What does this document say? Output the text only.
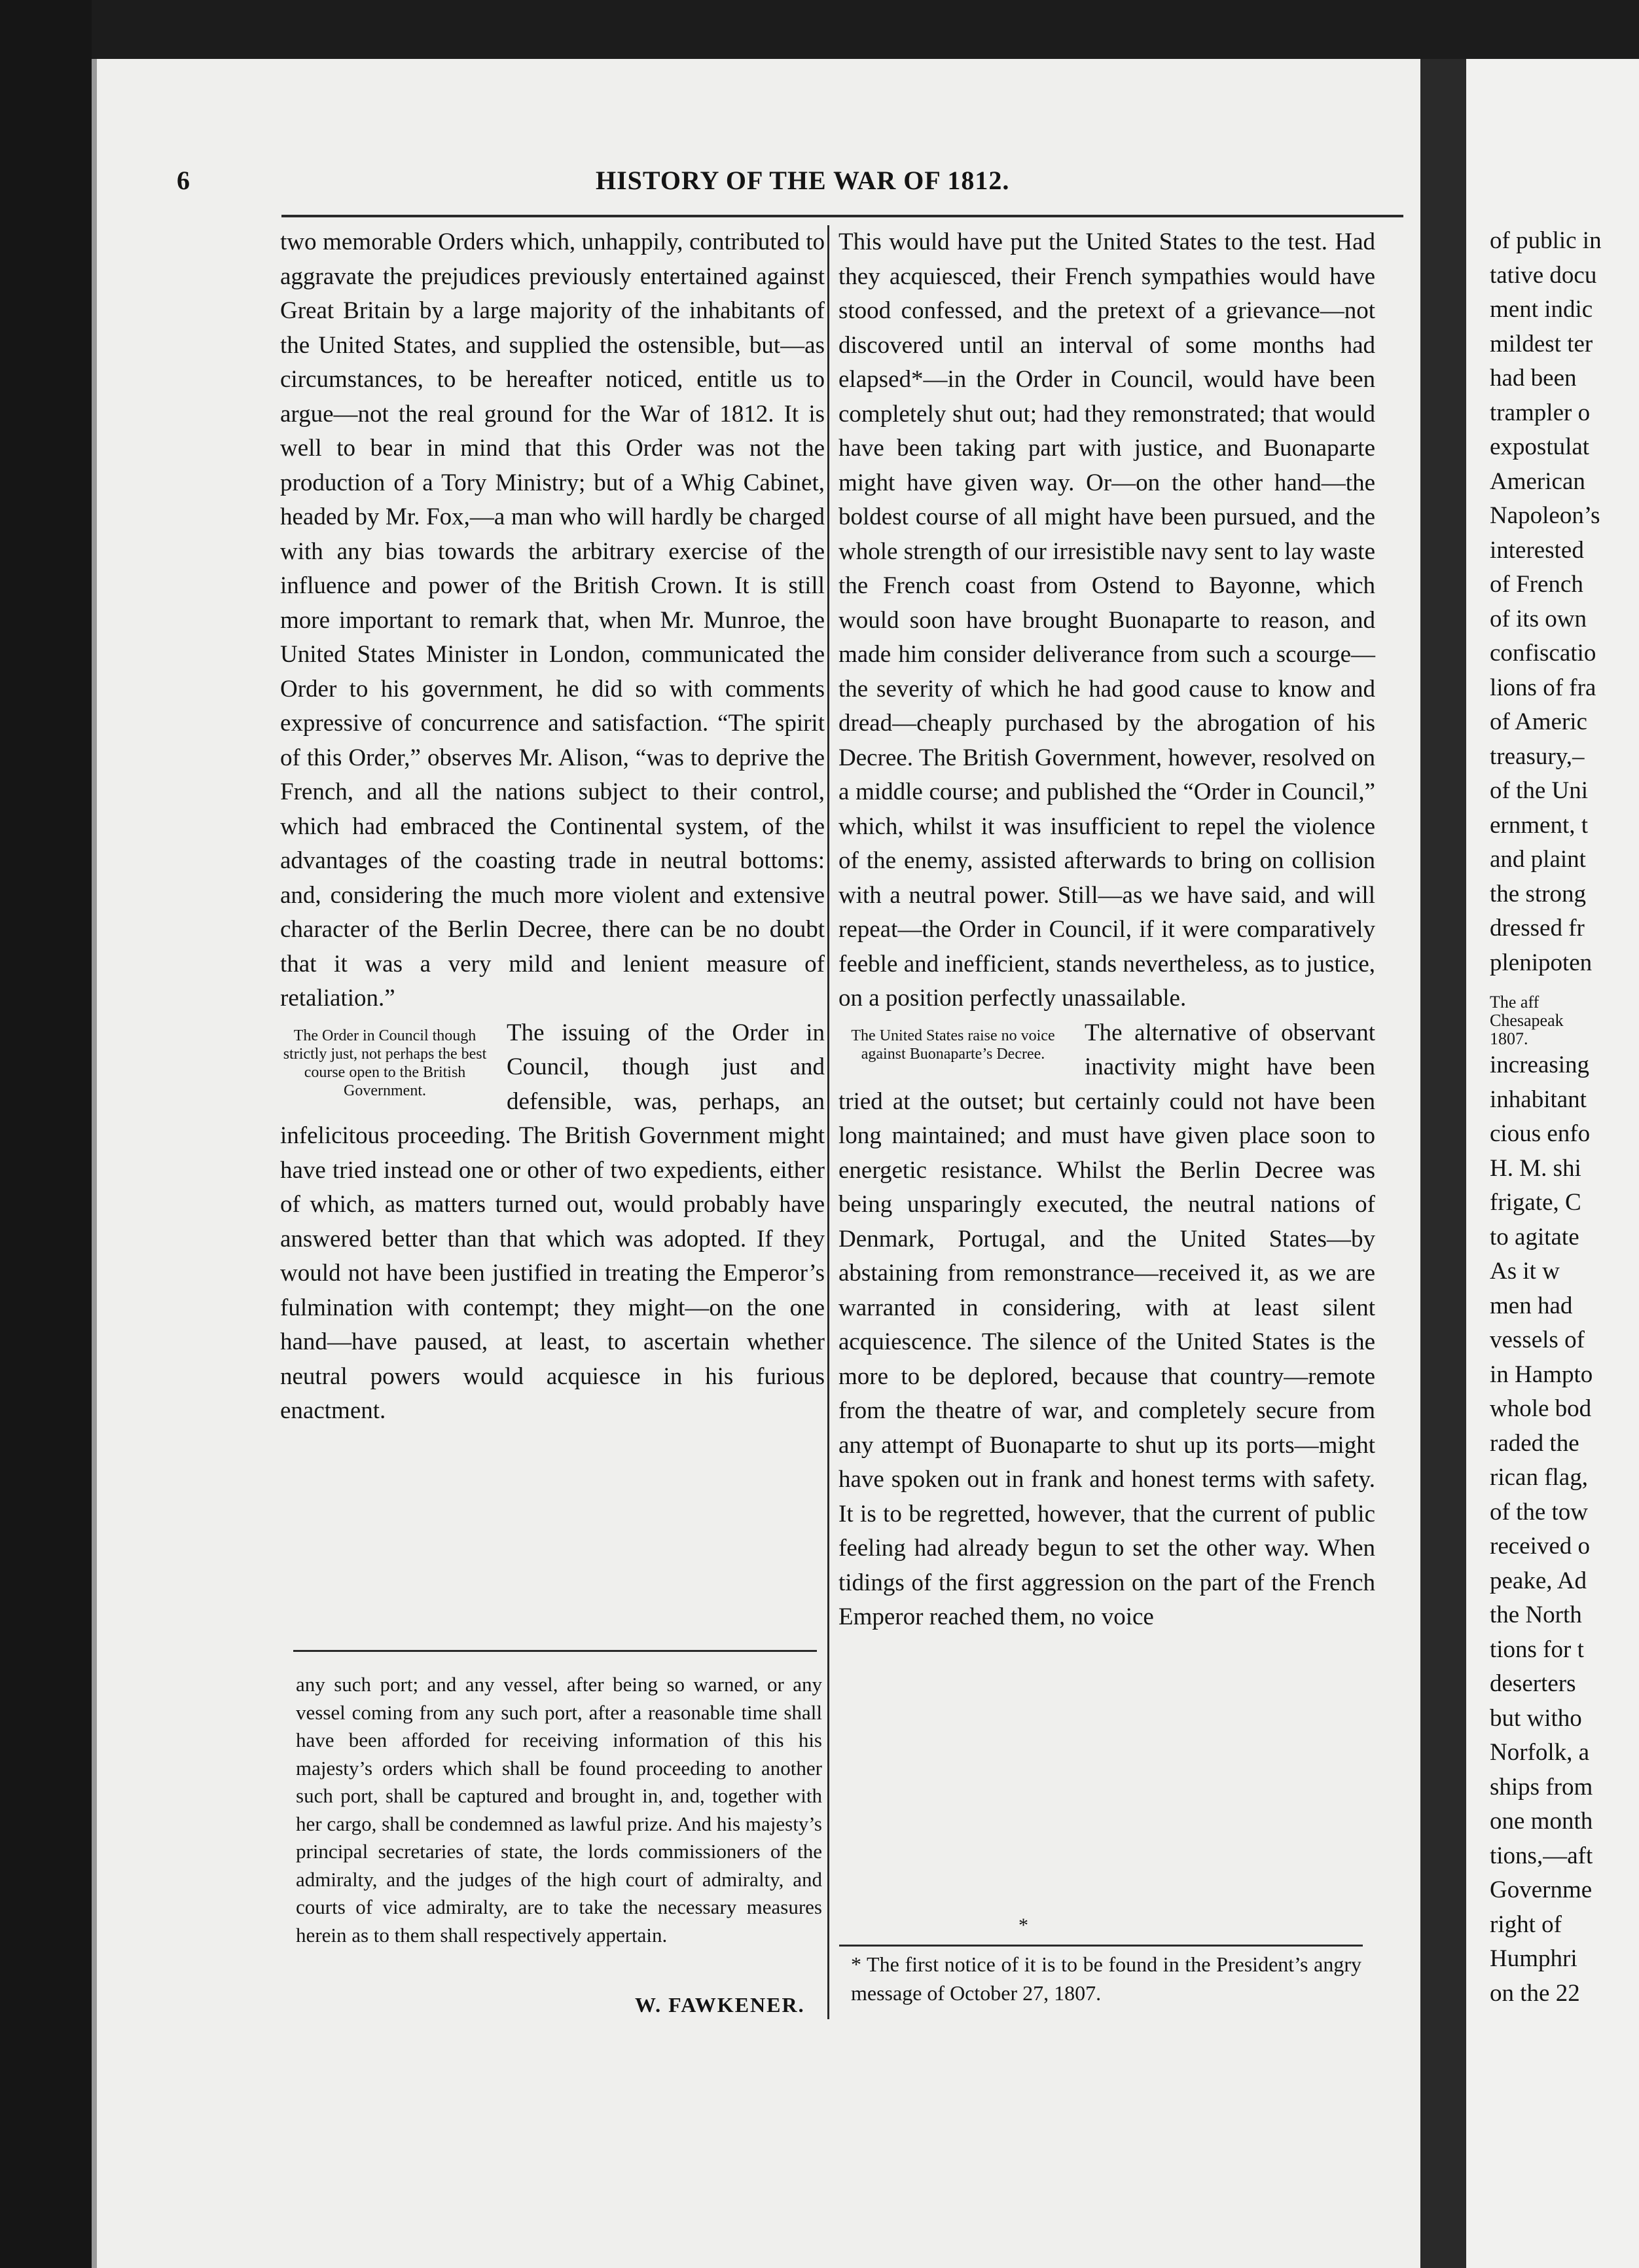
6	HISTORY OF THE WAR OF 1812.

two memorable Orders which, unhappily, contributed to aggravate the prejudices previously entertained against Great Britain by a large majority of the inhabitants of the United States, and supplied the ostensible, but—as circumstances, to be hereafter noticed, entitle us to argue—not the real ground for the War of 1812. It is well to bear in mind that this Order was not the production of a Tory Ministry; but of a Whig Cabinet, headed by Mr. Fox,—a man who will hardly be charged with any bias towards the arbitrary exercise of the influence and power of the British Crown. It is still more important to remark that, when Mr. Munroe, the United States Minister in London, communicated the Order to his government, he did so with comments expressive of concurrence and satisfaction. “The spirit of this Order,” observes Mr. Alison, “was to deprive the French, and all the nations subject to their control, which had embraced the Continental system, of the advantages of the coasting trade in neutral bottoms: and, considering the much more violent and extensive character of the Berlin Decree, there can be no doubt that it was a very mild and lenient measure of retaliation.”

The Order in Council though strictly just, not perhaps the best course open to the British Government.

The issuing of the Order in Council, though just and defensible, was, perhaps, an infelicitous proceeding. The British Government might have tried instead one or other of two expedients, either of which, as matters turned out, would probably have answered better than that which was adopted. If they would not have been justified in treating the Emperor’s fulmination with contempt; they might—on the one hand—have paused, at least, to ascertain whether neutral powers would acquiesce in his furious enactment.

any such port; and any vessel, after being so warned, or any vessel coming from any such port, after a reasonable time shall have been afforded for receiving information of this his majesty’s orders which shall be found proceeding to another such port, shall be captured and brought in, and, together with her cargo, shall be condemned as lawful prize. And his majesty’s principal secretaries of state, the lords commissioners of the admiralty, and the judges of the high court of admiralty, and courts of vice admiralty, are to take the necessary measures herein as to them shall respectively appertain.
W. FAWKENER.

This would have put the United States to the test. Had they acquiesced, their French sympathies would have stood confessed, and the pretext of a grievance—not discovered until an interval of some months had elapsed*—in the Order in Council, would have been completely shut out; had they remonstrated; that would have been taking part with justice, and Buonaparte might have given way. Or—on the other hand—the boldest course of all might have been pursued, and the whole strength of our irresistible navy sent to lay waste the French coast from Ostend to Bayonne, which would soon have brought Buonaparte to reason, and made him consider deliverance from such a scourge—the severity of which he had good cause to know and dread—cheaply purchased by the abrogation of his Decree. The British Government, however, resolved on a middle course; and published the “Order in Council,” which, whilst it was insufficient to repel the violence of the enemy, assisted afterwards to bring on collision with a neutral power. Still—as we have said, and will repeat—the Order in Council, if it were comparatively feeble and inefficient, stands nevertheless, as to justice, on a position perfectly unassailable.

The United States raise no voice against Buonaparte’s Decree.

The alternative of observant inactivity might have been tried at the outset; but certainly could not have been long maintained; and must have given place soon to energetic resistance. Whilst the Berlin Decree was being unsparingly executed, the neutral nations of Denmark, Portugal, and the United States—by abstaining from remonstrance—received it, as we are warranted in considering, with at least silent acquiescence. The silence of the United States is the more to be deplored, because that country—remote from the theatre of war, and completely secure from any attempt of Buonaparte to shut up its ports—might have spoken out in frank and honest terms with safety. It is to be regretted, however, that the current of public feeling had already begun to set the other way. When tidings of the first aggression on the part of the French Emperor reached them, no voice

*
* The first notice of it is to be found in the President’s angry message of October 27, 1807.
of public in
tative docu
ment indic
mildest ter
had been
trampler o
expostulat
American
Napoleon’s
interested
of French
of its own
confiscatio
lions of fra
of Americ
treasury,–
of the Uni
ernment, t
and plaint
the strong
dressed fr
plenipoten
The aff
Chesapeak
1807.
increasing
inhabitant
cious enfo
H. M. shi
frigate, C
to agitate
As it w
men had
vessels of
in Hampto
whole bod
raded the
rican flag,
of the tow
received o
peake, Ad
the North
tions for t
deserters
but witho
Norfolk, a
ships from
one month
tions,—aft
Governme
right of
Humphri
on the 22
